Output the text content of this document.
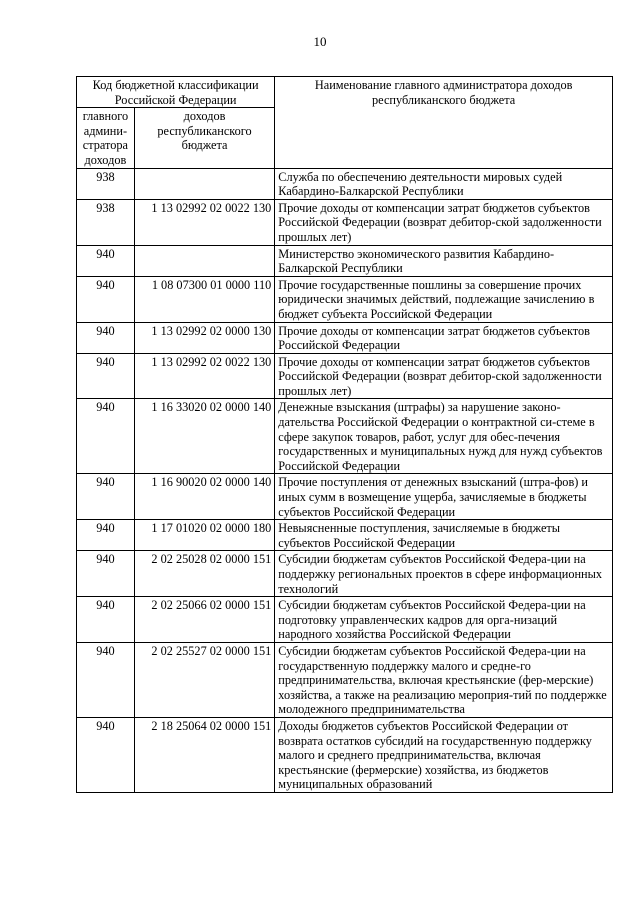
10
Код бюджетной классификации Российской Федерации		Наименование главного администратора доходов республиканского бюджета
главного админи-стратора доходов	доходов республиканского бюджета	
938		Служба по обеспечению деятельности мировых судей Кабардино-Балкарской Республики
938	1 13 02992 02 0022 130	Прочие доходы от компенсации затрат бюджетов субъектов Российской Федерации (возврат дебитор-ской задолженности прошлых лет)
940		Министерство экономического развития Кабардино-Балкарской Республики
940	1 08 07300 01 0000 110	Прочие государственные пошлины за совершение прочих юридически значимых действий, подлежащие зачислению в бюджет субъекта Российской Федерации
940	1 13 02992 02 0000 130	Прочие доходы от компенсации затрат бюджетов субъектов Российской Федерации
940	1 13 02992 02 0022 130	Прочие доходы от компенсации затрат бюджетов субъектов Российской Федерации (возврат дебитор-ской задолженности прошлых лет)
940	1 16 33020 02 0000 140	Денежные взыскания (штрафы) за нарушение законо-дательства Российской Федерации о контрактной си-стеме в сфере закупок товаров, работ, услуг для обес-печения государственных и муниципальных нужд для нужд субъектов Российской Федерации
940	1 16 90020 02 0000 140	Прочие поступления от денежных взысканий (штра-фов) и иных сумм в возмещение ущерба, зачисляемые в бюджеты субъектов Российской Федерации
940	1 17 01020 02 0000 180	Невыясненные поступления, зачисляемые в бюджеты субъектов Российской Федерации
940	2 02 25028 02 0000 151	Субсидии бюджетам субъектов Российской Федера-ции на поддержку региональных проектов в сфере информационных технологий
940	2 02 25066 02 0000 151	Субсидии бюджетам субъектов Российской Федера-ции на подготовку управленческих кадров для орга-низаций народного хозяйства Российской Федерации
940	2 02 25527 02 0000 151	Субсидии бюджетам субъектов Российской Федера-ции на государственную поддержку малого и средне-го предпринимательства, включая крестьянские (фер-мерские) хозяйства, а также на реализацию мероприя-тий по поддержке молодежного предпринимательства
940	2 18 25064 02 0000 151	Доходы бюджетов субъектов Российской Федерации от возврата остатков субсидий на государственную поддержку малого и среднего предпринимательства, включая крестьянские (фермерские) хозяйства, из бюджетов муниципальных образований
